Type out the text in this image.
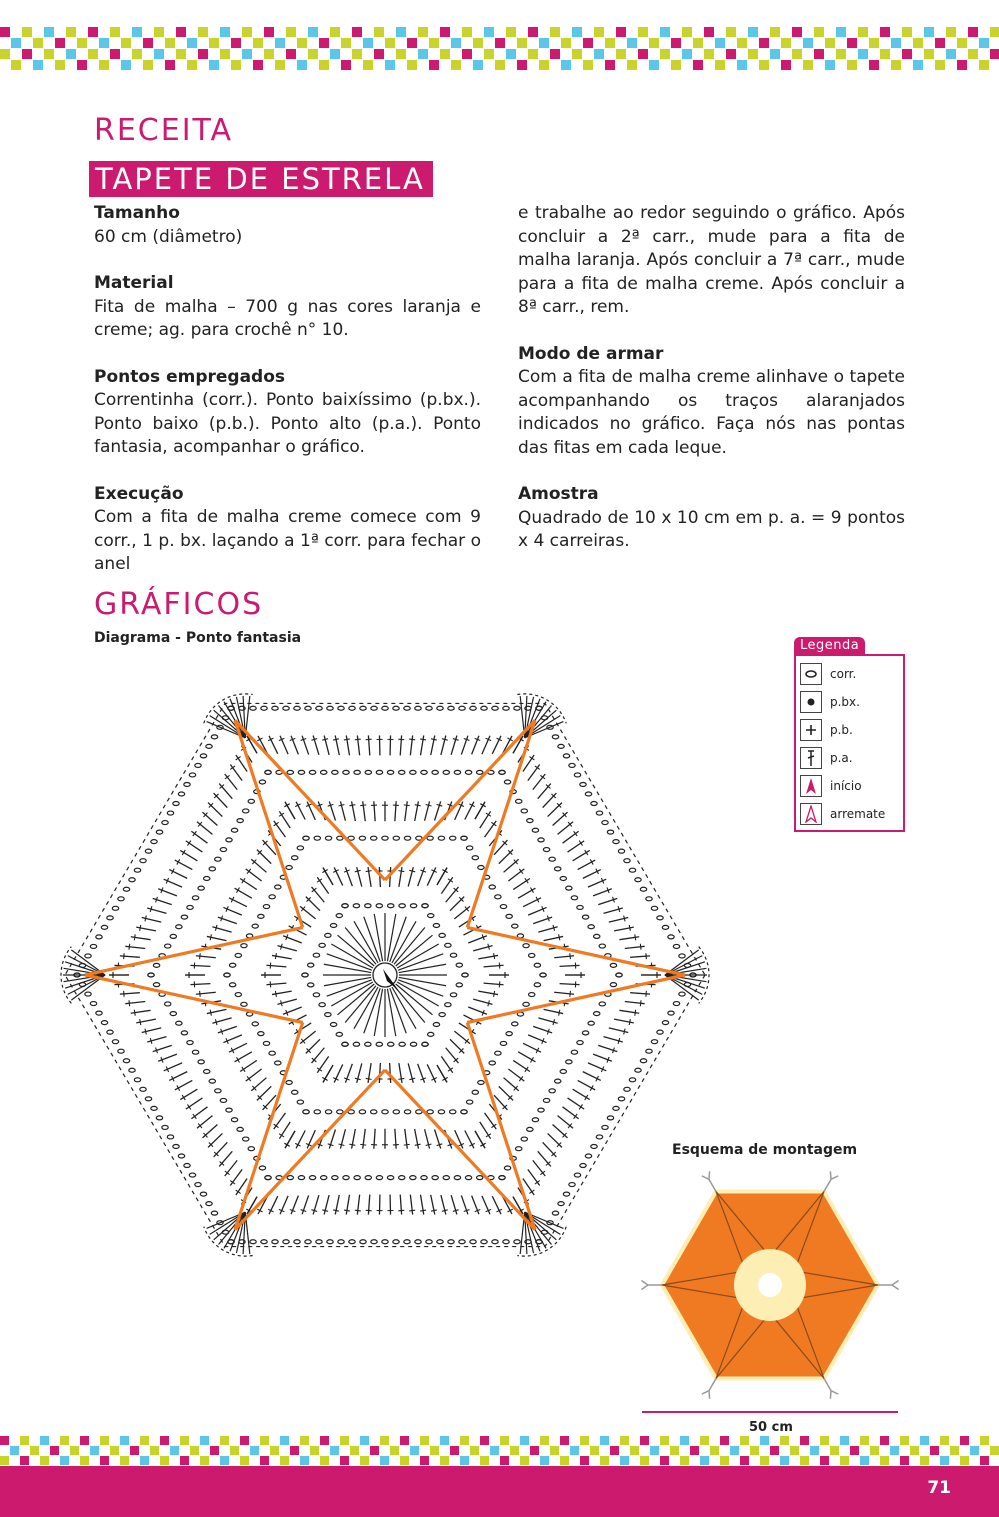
RECEITA
TAPETE DE ESTRELA
Tamanho

60 cm (diâmetro)

Material

Fita de malha – 700 g nas cores laranja e creme; ag. para crochê n° 10.

Pontos empregados

Correntinha (corr.). Ponto baixíssimo (p.bx.). Ponto baixo (p.b.). Ponto alto (p.a.). Ponto fantasia, acompanhar o gráfico.

Execução

Com a fita de malha creme comece com 9 corr., 1 p. bx. laçando a 1ª corr. para fechar o anel

e trabalhe ao redor seguindo o gráfico. Após concluir a 2ª carr., mude para a fita de malha laranja. Após concluir a 7ª carr., mude para a fita de malha creme. Após concluir a 8ª carr., rem.

Modo de armar

Com a fita de malha creme alinhave o tapete acompanhando os traços alaranjados indicados no gráfico. Faça nós nas pontas das fitas em cada leque.

Amostra

Quadrado de 10 x 10 cm em p. a. = 9 pontos x 4 carreiras.

GRÁFICOS
Diagrama - Ponto fantasia	Legenda
corr.
p.bx.
p.b.
p.a.
início
arremate
Esquema de montagem
50 cm
71
